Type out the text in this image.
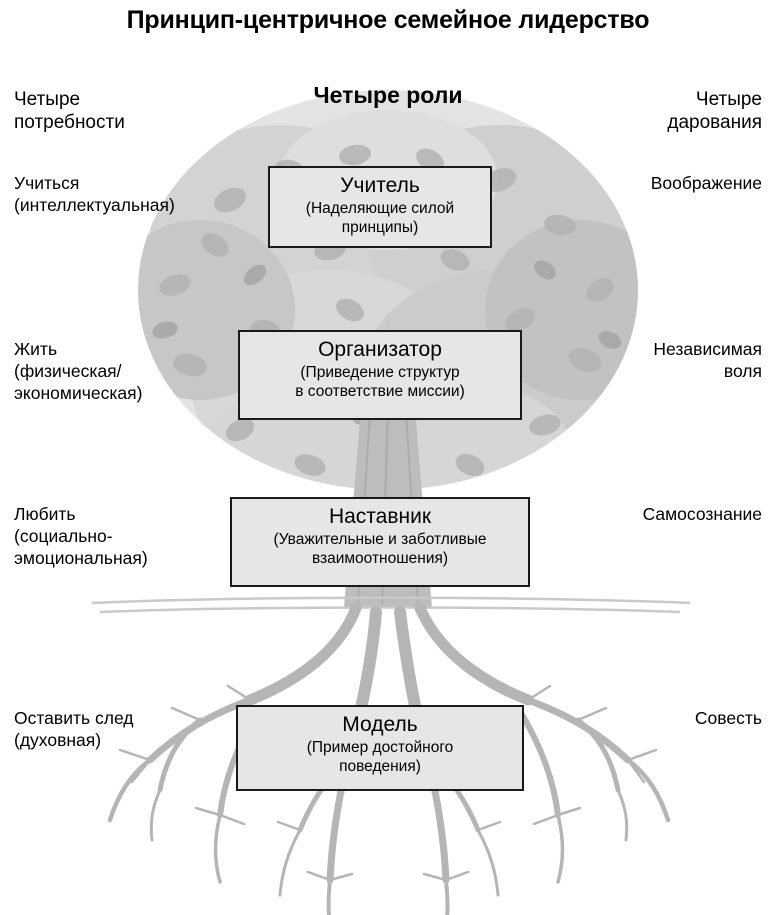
Принцип-центричное семейное лидерство
Четыре
потребности
Четыре роли	Четыре
дарования
Учиться
(интеллектуальная)
Жить
(физическая/
экономическая)
Любить
(социально-
эмоциональная)
Оставить след
(духовная)
Воображение
Независимая
воля
Самосознание
Совесть
Учитель
(Наделяющие силой
принципы)
Организатор
(Приведение структур
в соответствие миссии)
Наставник
(Уважительные и заботливые
взаимоотношения)
Модель
(Пример достойного
поведения)
